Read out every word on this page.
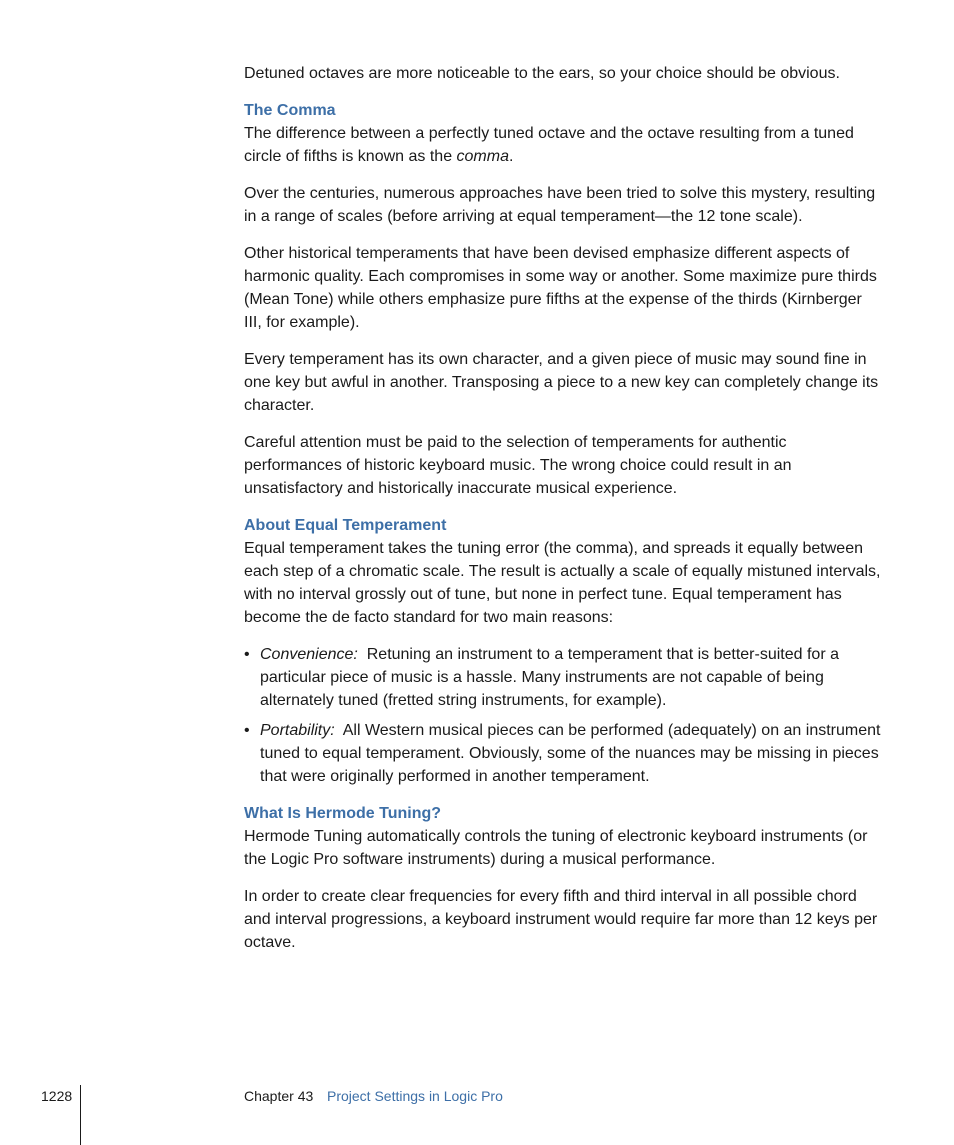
Detuned octaves are more noticeable to the ears, so your choice should be obvious.

The Comma

The difference between a perfectly tuned octave and the octave resulting from a tuned circle of fifths is known as the comma.

Over the centuries, numerous approaches have been tried to solve this mystery, resulting in a range of scales (before arriving at equal temperament—the 12 tone scale).

Other historical temperaments that have been devised emphasize different aspects of harmonic quality. Each compromises in some way or another. Some maximize pure thirds (Mean Tone) while others emphasize pure fifths at the expense of the thirds (Kirnberger III, for example).

Every temperament has its own character, and a given piece of music may sound fine in one key but awful in another. Transposing a piece to a new key can completely change its character.

Careful attention must be paid to the selection of temperaments for authentic performances of historic keyboard music. The wrong choice could result in an unsatisfactory and historically inaccurate musical experience.

About Equal Temperament

Equal temperament takes the tuning error (the comma), and spreads it equally between each step of a chromatic scale. The result is actually a scale of equally mistuned intervals, with no interval grossly out of tune, but none in perfect tune. Equal temperament has become the de facto standard for two main reasons:

• Convenience: Retuning an instrument to a temperament that is better-suited for a particular piece of music is a hassle. Many instruments are not capable of being alternately tuned (fretted string instruments, for example).
• Portability: All Western musical pieces can be performed (adequately) on an instrument tuned to equal temperament. Obviously, some of the nuances may be missing in pieces that were originally performed in another temperament.
What Is Hermode Tuning?

Hermode Tuning automatically controls the tuning of electronic keyboard instruments (or the Logic Pro software instruments) during a musical performance.

In order to create clear frequencies for every fifth and third interval in all possible chord and interval progressions, a keyboard instrument would require far more than 12 keys per octave.

1228	Chapter 43 Project Settings in Logic Pro
